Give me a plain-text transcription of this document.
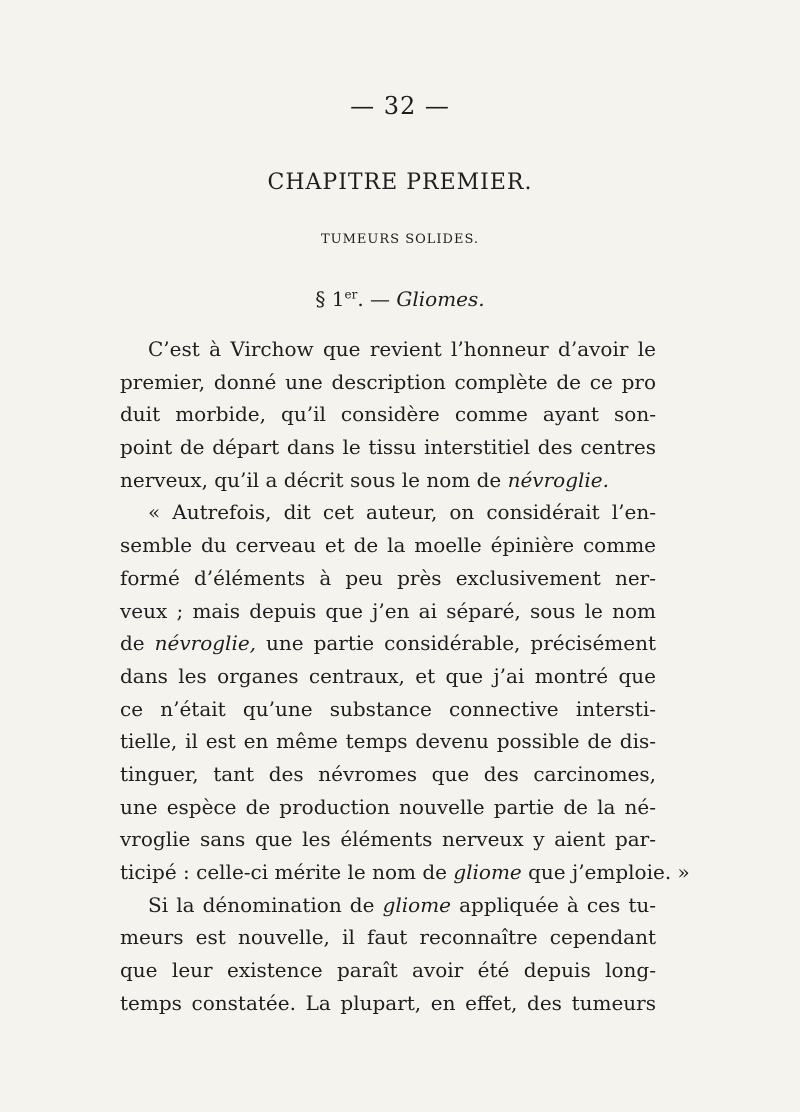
— 32 —
CHAPITRE PREMIER.
TUMEURS SOLIDES.
§ 1er. — Gliomes.
C’est à Virchow que revient l’honneur d’avoir le
premier, donné une description complète de ce pro
duit morbide, qu’il considère comme ayant son-
point de départ dans le tissu interstitiel des centres
nerveux, qu’il a décrit sous le nom de névroglie.
« Autrefois, dit cet auteur, on considérait l’en-
semble du cerveau et de la moelle épinière comme
formé d’éléments à peu près exclusivement ner-
veux ; mais depuis que j’en ai séparé, sous le nom
de névroglie, une partie considérable, précisément
dans les organes centraux, et que j’ai montré que
ce n’était qu’une substance connective intersti-
tielle, il est en même temps devenu possible de dis-
tinguer, tant des névromes que des carcinomes,
une espèce de production nouvelle partie de la né-
vroglie sans que les éléments nerveux y aient par-
ticipé : celle-ci mérite le nom de gliome que j’emploie. »
Si la dénomination de gliome appliquée à ces tu-
meurs est nouvelle, il faut reconnaître cependant
que leur existence paraît avoir été depuis long-
temps constatée. La plupart, en effet, des tumeurs
